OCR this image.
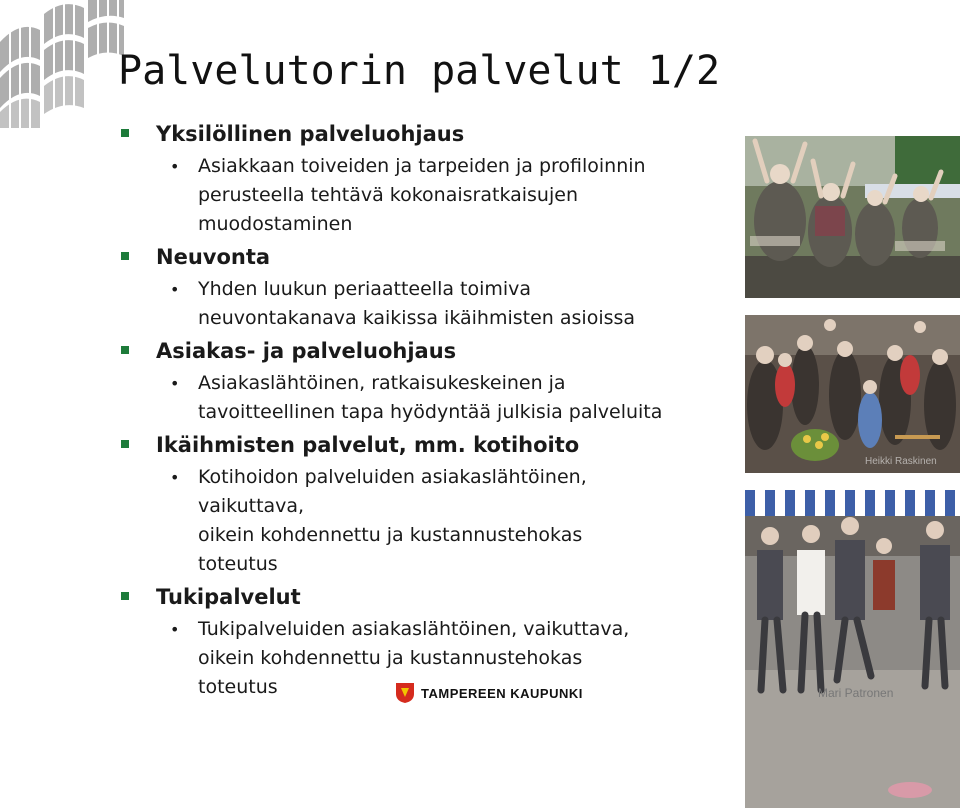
Palvelutorin palvelut 1/2
Yksilöllinen palveluohjaus
• Asiakkaan toiveiden ja tarpeiden ja profiloinnin
perusteella tehtävä kokonaisratkaisujen
muodostaminen
Neuvonta
• Yhden luukun periaatteella toimiva
neuvontakanava kaikissa ikäihmisten asioissa
Asiakas- ja palveluohjaus
• Asiakaslähtöinen, ratkaisukeskeinen ja
tavoitteellinen tapa hyödyntää julkisia palveluita
Ikäihmisten palvelut, mm. kotihoito
• Kotihoidon palveluiden asiakaslähtöinen,
vaikuttava,
oikein kohdennettu ja kustannustehokas
toteutus
Tukipalvelut
• Tukipalveluiden asiakaslähtöinen, vaikuttava,
oikein kohdennettu ja kustannustehokas
toteutus
Heikki Raskinen
TAMPEREEN KAUPUNKI	Mari Patronen
